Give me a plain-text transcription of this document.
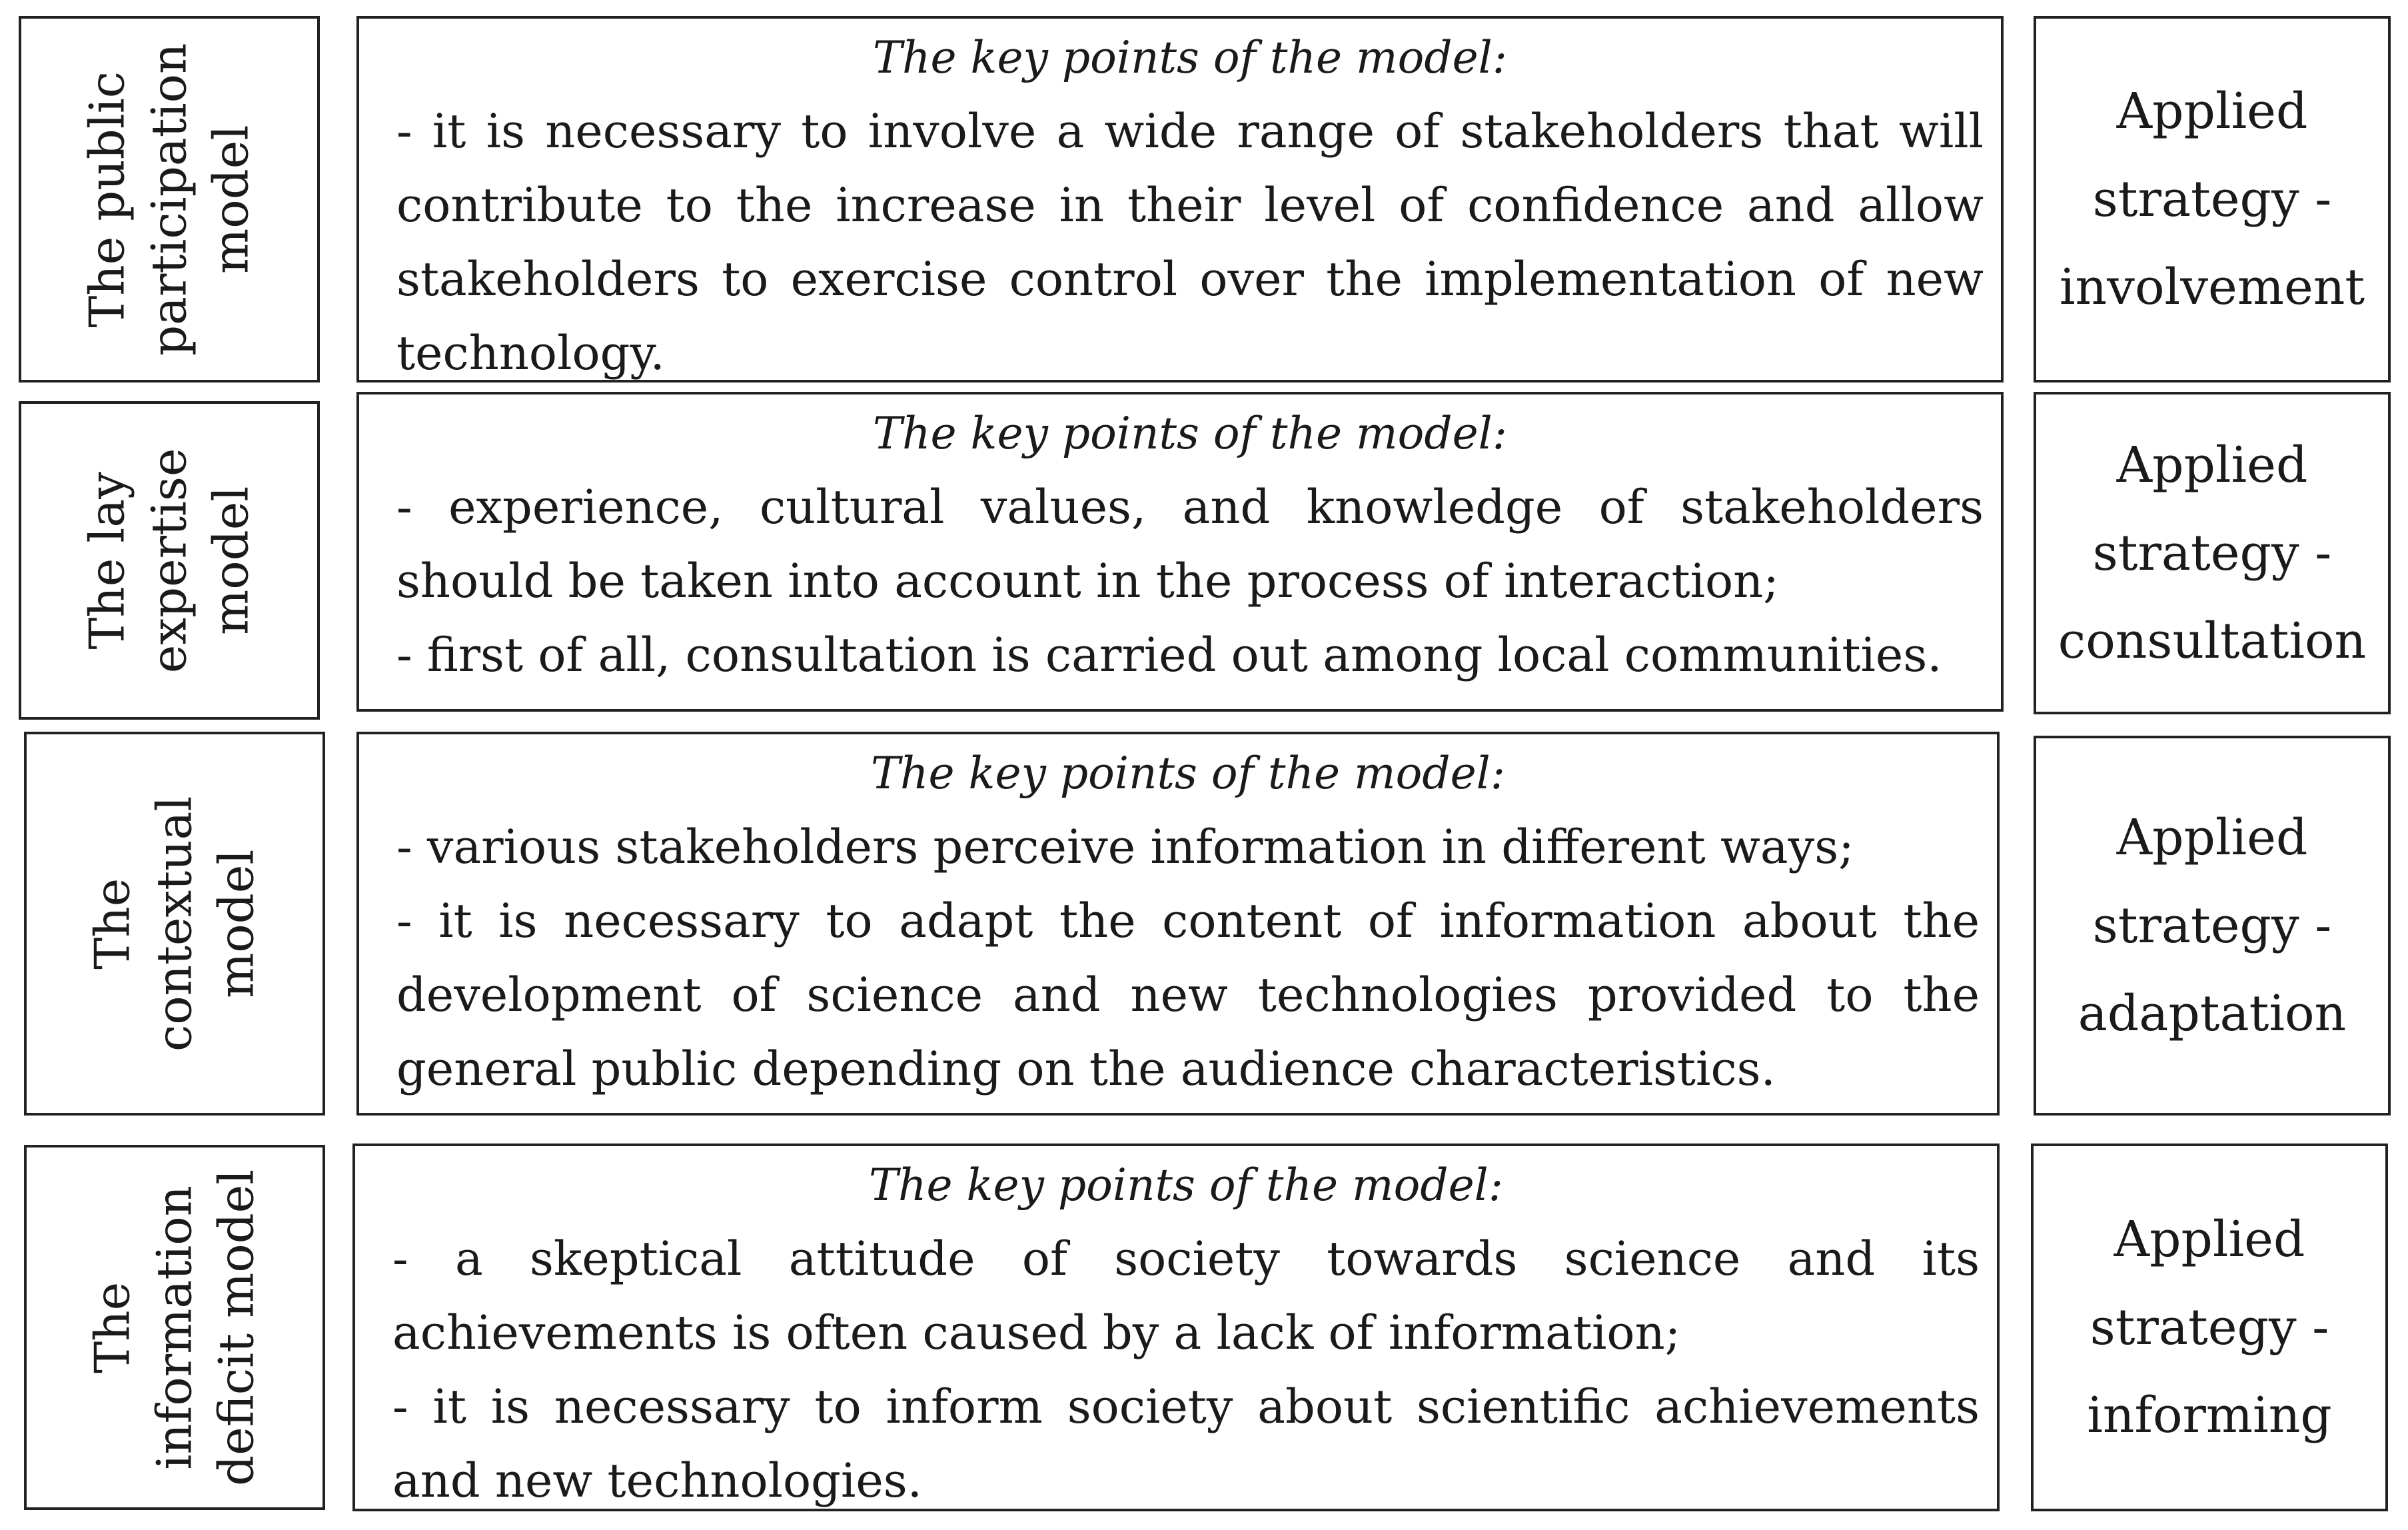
The public participation model
The key points of the model:

- it is necessary to involve a wide range of stakeholders that will contribute to the increase in their level of confidence and allow stakeholders to exercise control over the implementation of new technology.

Applied
strategy -
involvement
The lay expertise model
The key points of the model:

- experience, cultural values, and knowledge of stakeholders should be taken into account in the process of interaction;

- first of all, consultation is carried out among local communities.

Applied
strategy -
consultation
The contextual model
The key points of the model:

- various stakeholders perceive information in different ways;

- it is necessary to adapt the content of information about the development of science and new technologies provided to the general public depending on the audience characteristics.

Applied
strategy -
adaptation
The information deficit model	The key points of the model:

- a skeptical attitude of society towards science and its achievements is often caused by a lack of information;

- it is necessary to inform society about scientific achievements and new technologies.

Applied
strategy -
informing
